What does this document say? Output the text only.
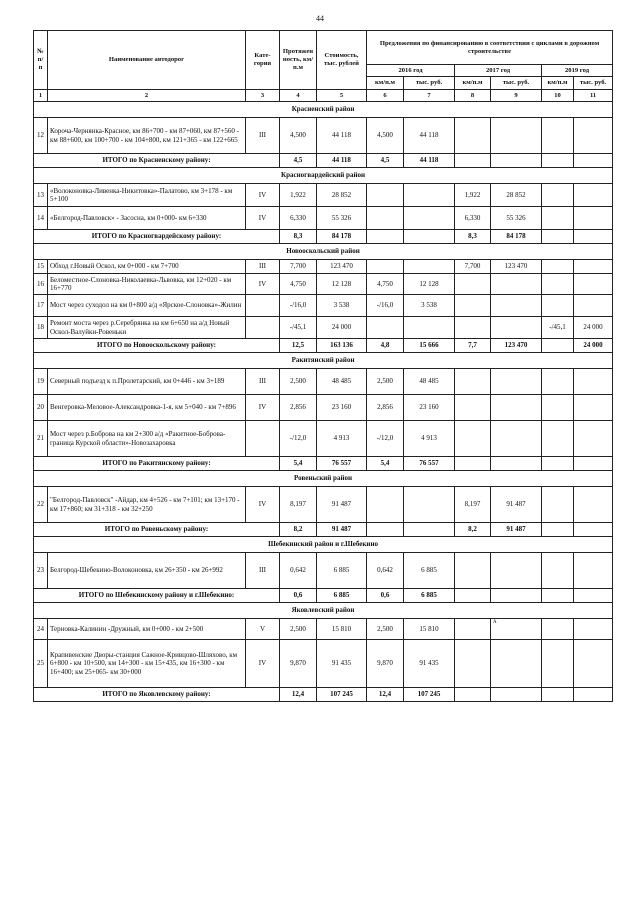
44
№ п/п	Наименование автодорог	Кате-гория	Протяжен ность, км/п.м	Стоимость, тыс. рублей	Предложения по финансированию в соответствии с циклами в дорожном строительстве					
					2016 год		2017 год		2019 год	
					км/п.м	тыс. руб.	км/п.м	тыс. руб.	км/п.м	тыс. руб.
1	2	3	4	5	6	7	8	9	10	11
Красненский район										
12	Короча-Чернянка-Красное, км 86+700 - км 87+060, км 87+560 - км 88+600, км 100+700 - км 104+800, км 121+365 - км 122+665	III	4,500	44 118	4,500	44 118				
ИТОГО по Красненскому району:			4,5	44 118	4,5	44 118				
Красногвардейский район										
13	«Волоконовка-Ливенка-Никитовка»-Палатово, км 3+178 - км 5+100	IV	1,922	28 852			1,922	28 852		
14	«Белгород-Павловск» - Засосна, км 0+000- км 6+330	IV	6,330	55 326			6,330	55 326		
ИТОГО по Красногвардейскому району:			8,3	84 178			8,3	84 178		
Новооскольский район										
15	Обход г.Новый Оскол, км 0+000 - км 7+700	III	7,700	123 470			7,700	123 470		
16	Беломестное-Слоновка-Николаевка-Львовка, км 12+020 - км 16+770	IV	4,750	12 128	4,750	12 128				
17	Мост через суходол на км 0+800 а/д «Ярское-Слоновка»-Жилин		-/16,0	3 538	-/16,0	3 538				
18	Ремонт моста через р.Серебрянка на км 6+650 на а/д Новый Оскол-Валуйки-Ровеньки		-/45,1	24 000					-/45,1	24 000
ИТОГО по Новооскольскому району:			12,5	163 136	4,8	15 666	7,7	123 470		24 000
Ракитянский район										
19	Северный подъезд к п.Пролетарский, км 0+446 - км 3+189	III	2,500	48 485	2,500	48 485				
20	Венгеровка-Меловое-Александровка-1-я, км 5+040 - км 7+896	IV	2,856	23 160	2,856	23 160				
21	Мост через р.Боброва на км 2+300 а/д «Ракитное-Боброва-граница Курской области»-Новозахаровка		-/12,0	4 913	-/12,0	4 913				
ИТОГО по Ракитянскому району:			5,4	76 557	5,4	76 557				
Ровеньский район										
22	"Белгород-Павловск" -Айдар, км 4+526 - км 7+101; км 13+170 - км 17+860; км 31+318 - км 32+250	IV	8,197	91 487			8,197	91 487		
ИТОГО по Ровеньскому району:			8,2	91 487			8,2	91 487		
Шебекинский район и г.Шебекино										
23	Белгород-Шебекино-Волоконовка, км 26+350 - км 26+992	III	0,642	6 885	0,642	6 885				
ИТОГО по Шебекинскому району и г.Шебекино:			0,6	6 885	0,6	6 885				
Яковлевский район										
24	Терновка-Калинин -Дружный, км 0+000 - км 2+500	V	2,500	15 810	2,500	15 810		$^А$		
25	Крапивенские Дворы-станция Сажное-Кривцово-Шляхово, км 6+800 - км 10+500, км 14+300 - км 15+435, км 16+300 - км 16+400; км 25+065- км 30+000	IV	9,870	91 435	9,870	91 435				
ИТОГО по Яковлевскому району:			12,4	107 245	12,4	107 245				
